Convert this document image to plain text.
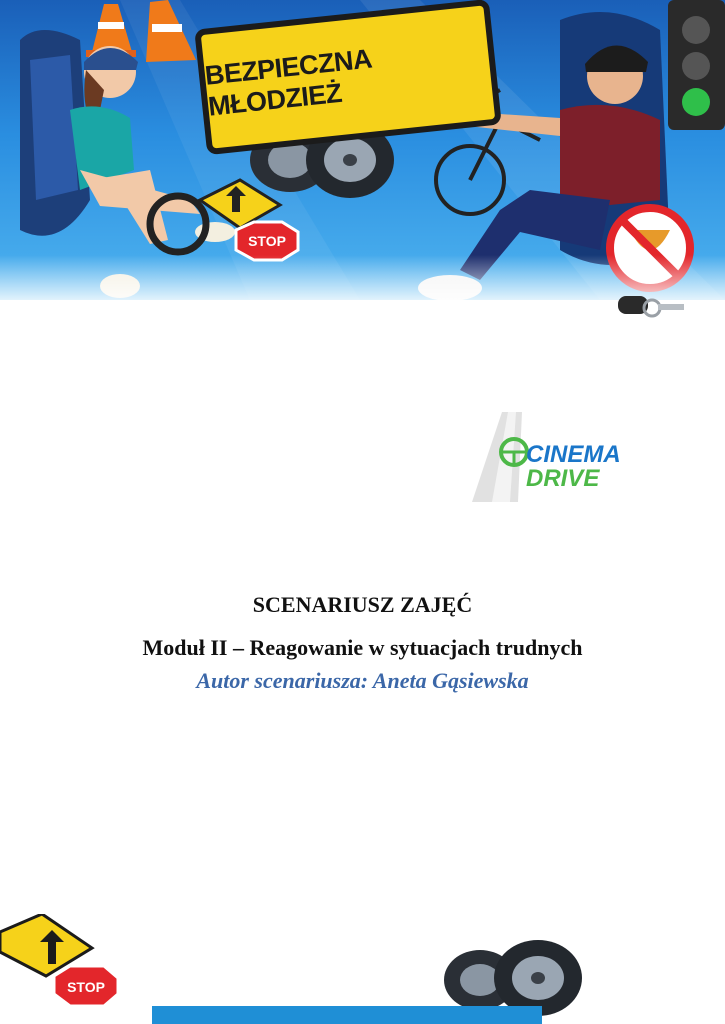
BEZPIECZNA MŁODZIEŻ
STOP
CINEMA
DRIVE
SCENARIUSZ ZAJĘĆ
Moduł II – Reagowanie w sytuacjach trudnych
Autor scenariusza: Aneta Gąsiewska
STOP
